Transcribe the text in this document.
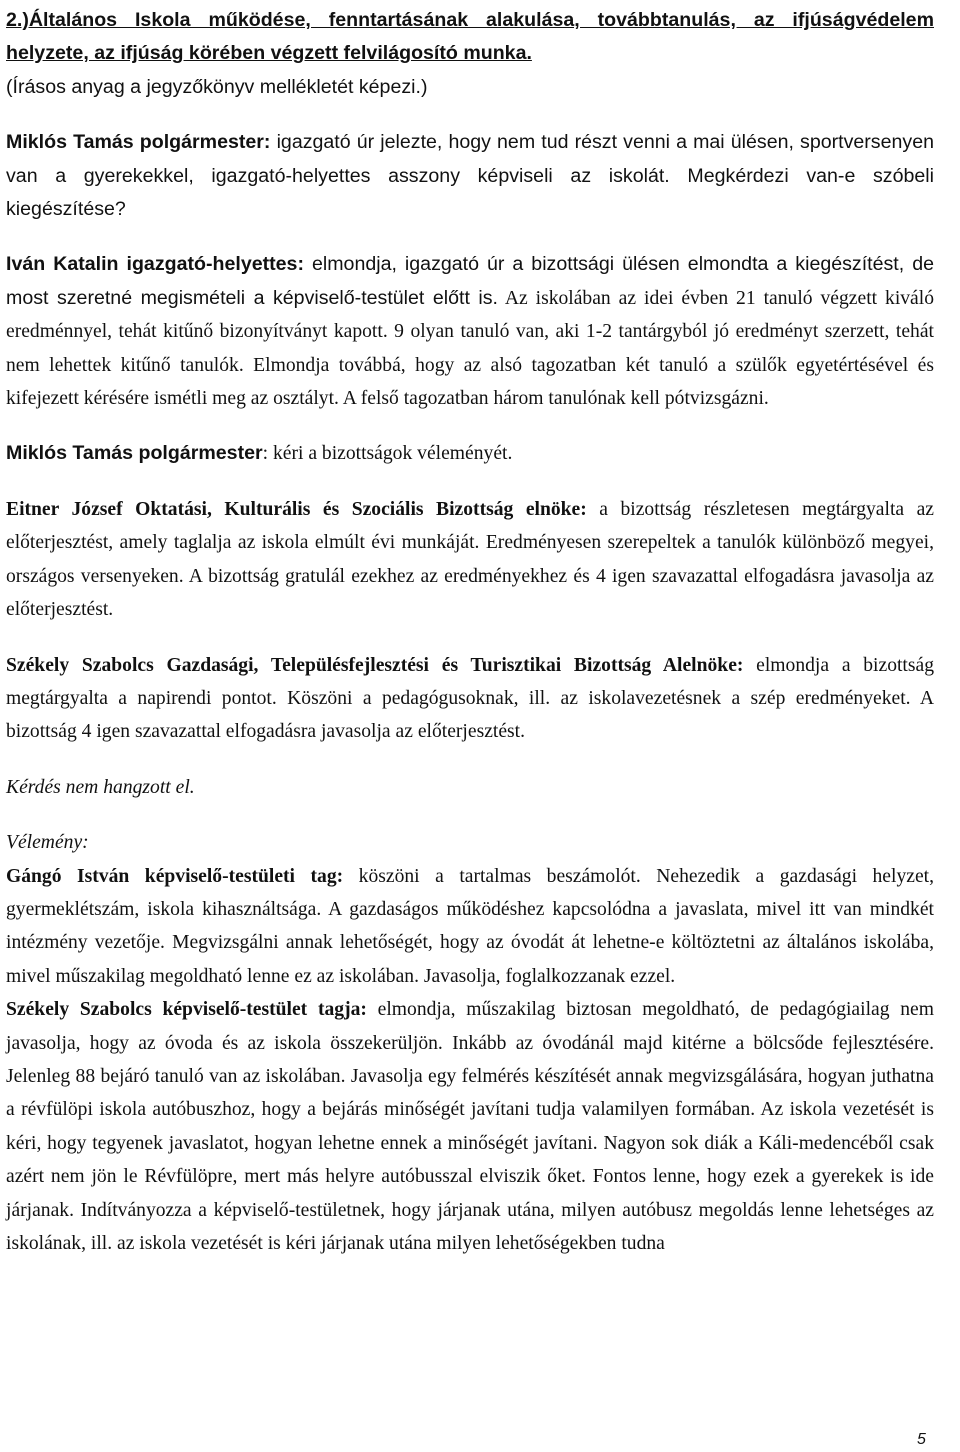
2.)Általános Iskola működése, fenntartásának alakulása, továbbtanulás, az ifjúságvédelem helyzete, az ifjúság körében végzett felvilágosító munka.

(Írásos anyag a jegyzőkönyv mellékletét képezi.)

Miklós Tamás polgármester: igazgató úr jelezte, hogy nem tud részt venni a mai ülésen, sportversenyen van a gyerekekkel, igazgató-helyettes asszony képviseli az iskolát. Megkérdezi van-e szóbeli kiegészítése?

Iván Katalin igazgató-helyettes: elmondja, igazgató úr a bizottsági ülésen elmondta a kiegészítést, de most szeretné megismételi a képviselő-testület előtt is. Az iskolában az idei évben 21 tanuló végzett kiváló eredménnyel, tehát kitűnő bizonyítványt kapott. 9 olyan tanuló van, aki 1-2 tantárgyból jó eredményt szerzett, tehát nem lehettek kitűnő tanulók. Elmondja továbbá, hogy az alsó tagozatban két tanuló a szülők egyetértésével és kifejezett kérésére ismétli meg az osztályt. A felső tagozatban három tanulónak kell pótvizsgázni.

Miklós Tamás polgármester: kéri a bizottságok véleményét.

Eitner József Oktatási, Kulturális és Szociális Bizottság elnöke: a bizottság részletesen megtárgyalta az előterjesztést, amely taglalja az iskola elmúlt évi munkáját. Eredményesen szerepeltek a tanulók különböző megyei, országos versenyeken. A bizottság gratulál ezekhez az eredményekhez és 4 igen szavazattal elfogadásra javasolja az előterjesztést.

Székely Szabolcs Gazdasági, Településfejlesztési és Turisztikai Bizottság Alelnöke: elmondja a bizottság megtárgyalta a napirendi pontot. Köszöni a pedagógusoknak, ill. az iskolavezetésnek a szép eredményeket. A bizottság 4 igen szavazattal elfogadásra javasolja az előterjesztést.

Kérdés nem hangzott el.

Vélemény:

Gángó István képviselő-testületi tag: köszöni a tartalmas beszámolót. Nehezedik a gazdasági helyzet, gyermeklétszám, iskola kihasználtsága. A gazdaságos működéshez kapcsolódna a javaslata, mivel itt van mindkét intézmény vezetője. Megvizsgálni annak lehetőségét, hogy az óvodát át lehetne-e költöztetni az általános iskolába, mivel műszakilag megoldható lenne ez az iskolában. Javasolja, foglalkozzanak ezzel.

Székely Szabolcs képviselő-testület tagja: elmondja, műszakilag biztosan megoldható, de pedagógiailag nem javasolja, hogy az óvoda és az iskola összekerüljön. Inkább az óvodánál majd kitérne a bölcsőde fejlesztésére. Jelenleg 88 bejáró tanuló van az iskolában. Javasolja egy felmérés készítését annak megvizsgálására, hogyan juthatna a révfülöpi iskola autóbuszhoz, hogy a bejárás minőségét javítani tudja valamilyen formában. Az iskola vezetését is kéri, hogy tegyenek javaslatot, hogyan lehetne ennek a minőségét javítani. Nagyon sok diák a Káli-medencéből csak azért nem jön le Révfülöpre, mert más helyre autóbusszal elviszik őket. Fontos lenne, hogy ezek a gyerekek is ide járjanak. Indítványozza a képviselő-testületnek, hogy járjanak utána, milyen autóbusz megoldás lenne lehetséges az iskolának, ill. az iskola vezetését is kéri járjanak utána milyen lehetőségekben tudna

5
